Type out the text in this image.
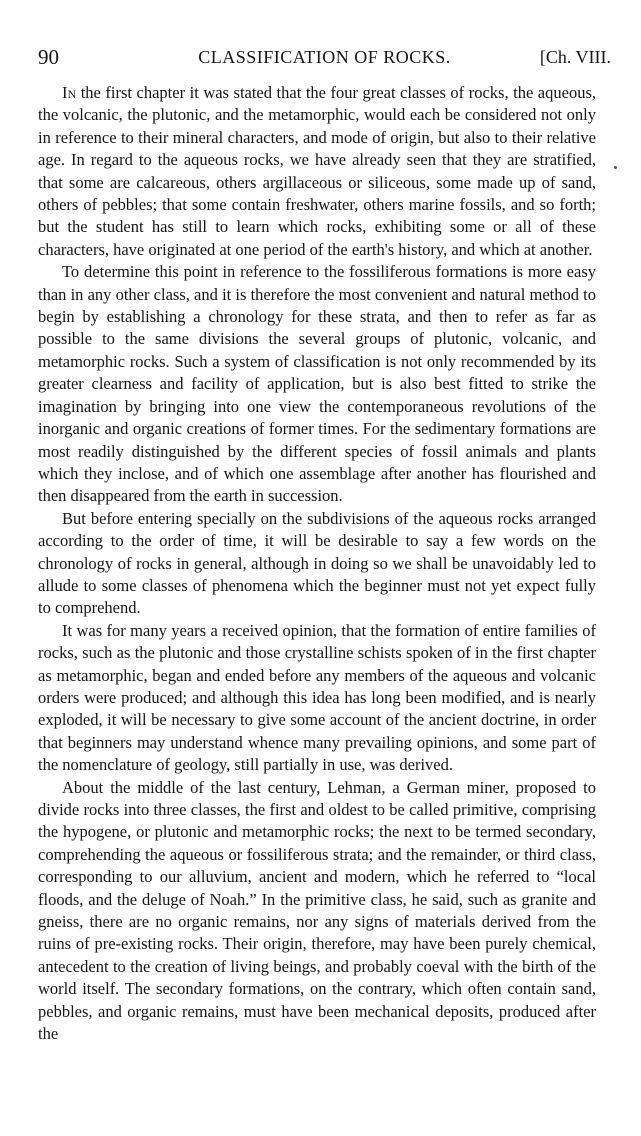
90	CLASSIFICATION OF ROCKS.	[Ch. VIII.

In the first chapter it was stated that the four great classes of rocks, the aqueous, the volcanic, the plutonic, and the metamorphic, would each be considered not only in reference to their mineral characters, and mode of origin, but also to their relative age. In regard to the aqueous rocks, we have already seen that they are stratified, that some are calcareous, others argillaceous or siliceous, some made up of sand, others of pebbles; that some contain freshwater, others marine fossils, and so forth; but the student has still to learn which rocks, exhibiting some or all of these characters, have originated at one period of the earth's history, and which at another.

To determine this point in reference to the fossiliferous formations is more easy than in any other class, and it is therefore the most convenient and natural method to begin by establishing a chronology for these strata, and then to refer as far as possible to the same divisions the several groups of plutonic, volcanic, and metamorphic rocks. Such a system of classification is not only recommended by its greater clearness and facility of application, but is also best fitted to strike the imagination by bringing into one view the contemporaneous revolutions of the inorganic and organic creations of former times. For the sedimentary formations are most readily distinguished by the different species of fossil animals and plants which they inclose, and of which one assemblage after another has flourished and then disappeared from the earth in succession.

But before entering specially on the subdivisions of the aqueous rocks arranged according to the order of time, it will be desirable to say a few words on the chronology of rocks in general, although in doing so we shall be unavoidably led to allude to some classes of phenomena which the beginner must not yet expect fully to comprehend.

It was for many years a received opinion, that the formation of entire families of rocks, such as the plutonic and those crystalline schists spoken of in the first chapter as metamorphic, began and ended before any members of the aqueous and volcanic orders were produced; and although this idea has long been modified, and is nearly exploded, it will be necessary to give some account of the ancient doctrine, in order that beginners may understand whence many prevailing opinions, and some part of the nomenclature of geology, still partially in use, was derived.

About the middle of the last century, Lehman, a German miner, proposed to divide rocks into three classes, the first and oldest to be called primitive, comprising the hypogene, or plutonic and metamorphic rocks; the next to be termed secondary, comprehending the aqueous or fossiliferous strata; and the remainder, or third class, corresponding to our alluvium, ancient and modern, which he referred to “local floods, and the deluge of Noah.” In the primitive class, he said, such as granite and gneiss, there are no organic remains, nor any signs of materials derived from the ruins of pre-existing rocks. Their origin, therefore, may have been purely chemical, antecedent to the creation of living beings, and probably coeval with the birth of the world itself. The secondary formations, on the contrary, which often contain sand, pebbles, and organic remains, must have been mechanical deposits, produced after the
